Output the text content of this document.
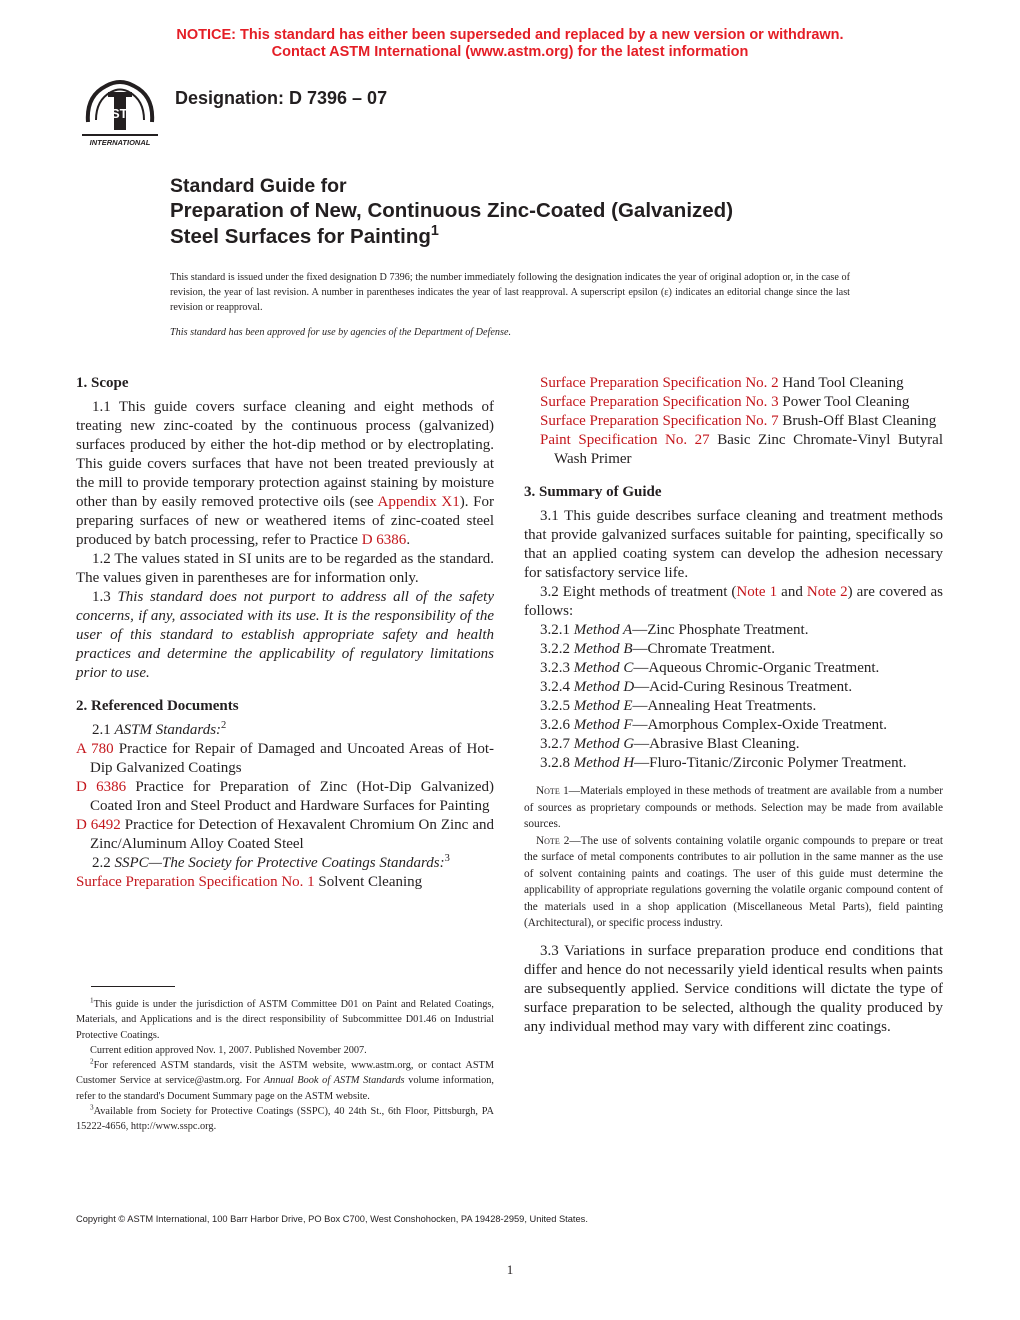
NOTICE: This standard has either been superseded and replaced by a new version or withdrawn.
Contact ASTM International (www.astm.org) for the latest information
ASTM
INTERNATIONAL
Designation: D 7396 – 07
Standard Guide for
Preparation of New, Continuous Zinc-Coated (Galvanized)
Steel Surfaces for Painting$^1$
This standard is issued under the fixed designation D 7396; the number immediately following the designation indicates the year of original adoption or, in the case of revision, the year of last revision. A number in parentheses indicates the year of last reapproval. A superscript epsilon (ε) indicates an editorial change since the last revision or reapproval.
This standard has been approved for use by agencies of the Department of Defense.

1. Scope

1.1 This guide covers surface cleaning and eight methods of treating new zinc-coated by the continuous process (galvanized) surfaces produced by either the hot-dip method or by electroplating. This guide covers surfaces that have not been treated previously at the mill to provide temporary protection against staining by moisture other than by easily removed protective oils (see Appendix X1). For preparing surfaces of new or weathered items of zinc-coated steel produced by batch processing, refer to Practice D 6386.

1.2 The values stated in SI units are to be regarded as the standard. The values given in parentheses are for information only.

1.3 This standard does not purport to address all of the safety concerns, if any, associated with its use. It is the responsibility of the user of this standard to establish appropriate safety and health practices and determine the applicability of regulatory limitations prior to use.

2. Referenced Documents

2.1 ASTM Standards:$^2$

A 780 Practice for Repair of Damaged and Uncoated Areas of Hot-Dip Galvanized Coatings

D 6386 Practice for Preparation of Zinc (Hot-Dip Galvanized) Coated Iron and Steel Product and Hardware Surfaces for Painting

D 6492 Practice for Detection of Hexavalent Chromium On Zinc and Zinc/Aluminum Alloy Coated Steel

2.2 SSPC—The Society for Protective Coatings Standards:$^3$

Surface Preparation Specification No. 1 Solvent Cleaning

$^1$This guide is under the jurisdiction of ASTM Committee D01 on Paint and Related Coatings, Materials, and Applications and is the direct responsibility of Subcommittee D01.46 on Industrial Protective Coatings.

Current edition approved Nov. 1, 2007. Published November 2007.

$^2$For referenced ASTM standards, visit the ASTM website, www.astm.org, or contact ASTM Customer Service at service@astm.org. For Annual Book of ASTM Standards volume information, refer to the standard's Document Summary page on the ASTM website.

$^3$Available from Society for Protective Coatings (SSPC), 40 24th St., 6th Floor, Pittsburgh, PA 15222-4656, http://www.sspc.org.

Surface Preparation Specification No. 2 Hand Tool Cleaning

Surface Preparation Specification No. 3 Power Tool Cleaning

Surface Preparation Specification No. 7 Brush-Off Blast Cleaning

Paint Specification No. 27 Basic Zinc Chromate-Vinyl Butyral Wash Primer

3. Summary of Guide

3.1 This guide describes surface cleaning and treatment methods that provide galvanized surfaces suitable for painting, specifically so that an applied coating system can develop the adhesion necessary for satisfactory service life.

3.2 Eight methods of treatment (Note 1 and Note 2) are covered as follows:

3.2.1 Method A—Zinc Phosphate Treatment.

3.2.2 Method B—Chromate Treatment.

3.2.3 Method C—Aqueous Chromic-Organic Treatment.

3.2.4 Method D—Acid-Curing Resinous Treatment.

3.2.5 Method E—Annealing Heat Treatments.

3.2.6 Method F—Amorphous Complex-Oxide Treatment.

3.2.7 Method G—Abrasive Blast Cleaning.

3.2.8 Method H—Fluro-Titanic/Zirconic Polymer Treatment.

Note 1—Materials employed in these methods of treatment are available from a number of sources as proprietary compounds or methods. Selection may be made from available sources.

Note 2—The use of solvents containing volatile organic compounds to prepare or treat the surface of metal components contributes to air pollution in the same manner as the use of solvent containing paints and coatings. The user of this guide must determine the applicability of appropriate regulations governing the volatile organic compound content of the materials used in a shop application (Miscellaneous Metal Parts), field painting (Architectural), or specific process industry.

3.3 Variations in surface preparation produce end conditions that differ and hence do not necessarily yield identical results when paints are subsequently applied. Service conditions will dictate the type of surface preparation to be selected, although the quality produced by any individual method may vary with different zinc coatings.

Copyright © ASTM International, 100 Barr Harbor Drive, PO Box C700, West Conshohocken, PA 19428-2959, United States.
1
